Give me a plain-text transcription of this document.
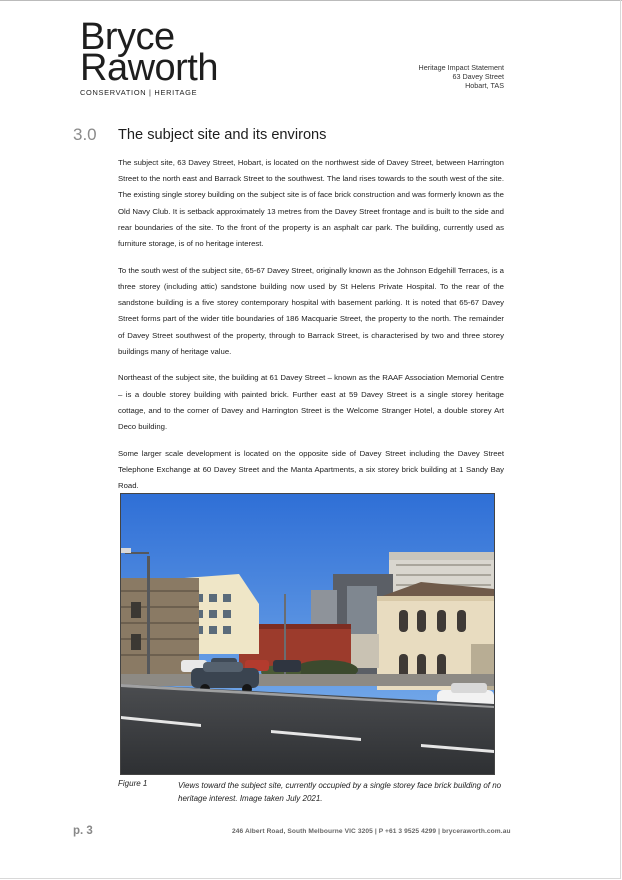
Bryce
Raworth
CONSERVATION | HERITAGE
Heritage Impact Statement
63 Davey Street
Hobart, TAS
3.0 The subject site and its environs

The subject site, 63 Davey Street, Hobart, is located on the northwest side of Davey Street, between Harrington Street to the north east and Barrack Street to the southwest. The land rises towards to the south west of the site. The existing single storey building on the subject site is of face brick construction and was formerly known as the Old Navy Club. It is setback approximately 13 metres from the Davey Street frontage and is built to the side and rear boundaries of the site. To the front of the property is an asphalt car park. The building, currently used as furniture storage, is of no heritage interest.

To the south west of the subject site, 65-67 Davey Street, originally known as the Johnson Edgehill Terraces, is a three storey (including attic) sandstone building now used by St Helens Private Hospital. To the rear of the sandstone building is a five storey contemporary hospital with basement parking. It is noted that 65-67 Davey Street forms part of the wider title boundaries of 186 Macquarie Street, the property to the north. The remainder of Davey Street southwest of the property, through to Barrack Street, is characterised by two and three storey buildings many of heritage value.

Northeast of the subject site, the building at 61 Davey Street – known as the RAAF Association Memorial Centre – is a double storey building with painted brick. Further east at 59 Davey Street is a single storey heritage cottage, and to the corner of Davey and Harrington Street is the Welcome Stranger Hotel, a double storey Art Deco building.

Some larger scale development is located on the opposite side of Davey Street including the Davey Street Telephone Exchange at 60 Davey Street and the Manta Apartments, a six storey brick building at 1 Sandy Bay Road.

Figure 1	Views toward the subject site, currently occupied by a single storey face brick building of no heritage interest. Image taken July 2021.
p. 3	246 Albert Road, South Melbourne VIC 3205 | P +61 3 9525 4299 | bryceraworth.com.au
